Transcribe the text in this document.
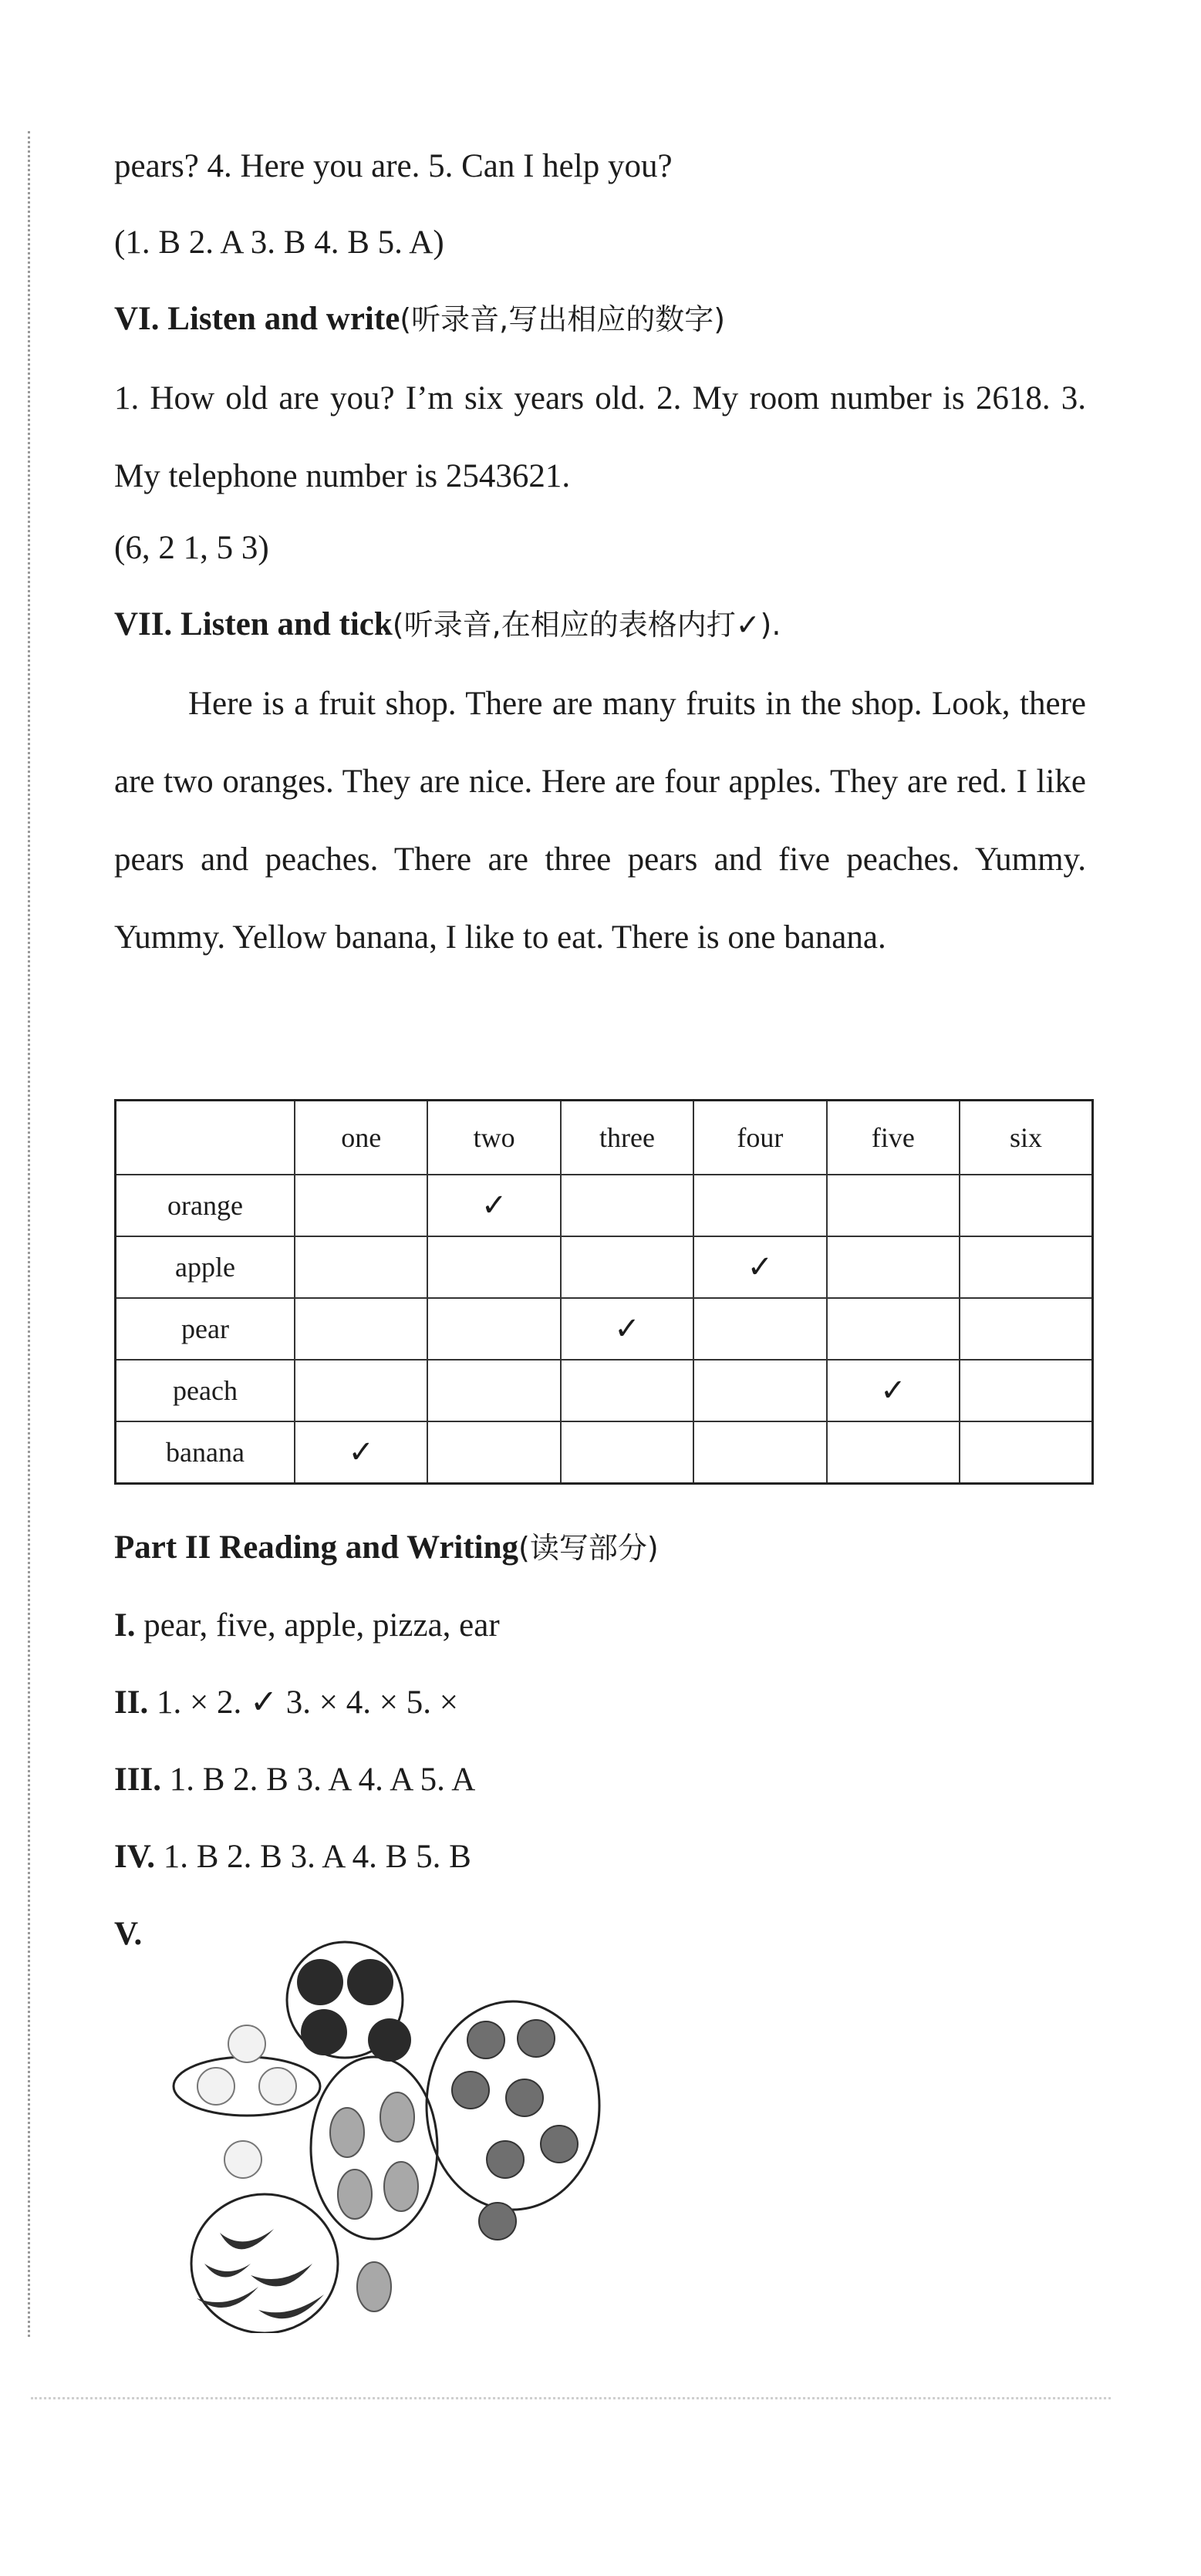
pears? 4. Here you are. 5. Can I help you?
(1. B 2. A 3. B 4. B 5. A)
VI. Listen and write(听录音,写出相应的数字)
1. How old are you? I’m six years old. 2. My room number is 2618. 3. My telephone number is 2543621.
(6, 2 1, 5 3)
VII. Listen and tick(听录音,在相应的表格内打✓).
Here is a fruit shop. There are many fruits in the shop. Look, there are two oranges. They are nice. Here are four apples. They are red. I like pears and peaches. There are three pears and five peaches. Yummy. Yummy. Yellow banana, I like to eat. There is one banana.
	one	two	three	four	five	six
orange		✓				
apple				✓		
pear			✓			
peach					✓	
banana	✓					
Part II Reading and Writing(读写部分)
I. pear, five, apple, pizza, ear
II. 1. × 2. ✓ 3. × 4. × 5. ×
III. 1. B 2. B 3. A 4. A 5. A
IV. 1. B 2. B 3. A 4. B 5. B
V.
